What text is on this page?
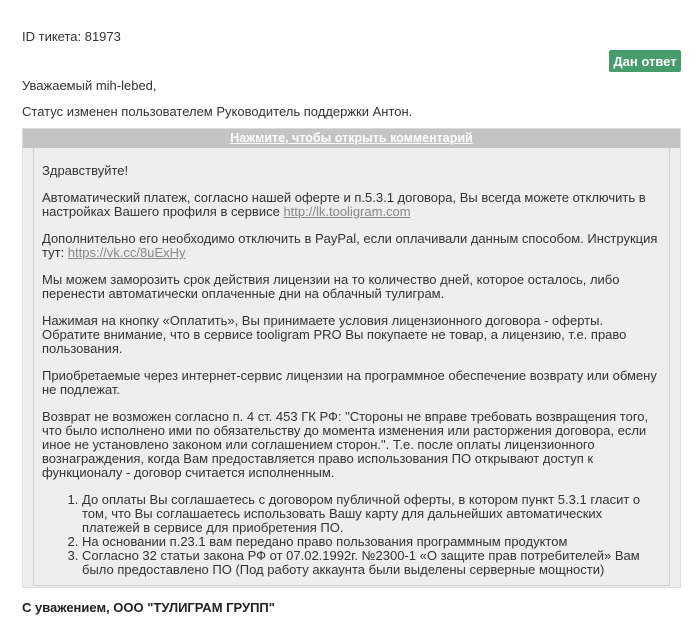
ID тикета: 81973
Дан ответ
Уважаемый mih-lebed,
Статус изменен пользователем Руководитель поддержки Антон.
Нажмите, чтобы открыть комментарий

Здравствуйте!

Автоматический платеж, согласно нашей оферте и п.5.3.1 договора, Вы всегда можете отключить в настройках Вашего профиля в сервисе http://lk.tooligram.com

Дополнительно его необходимо отключить в PayPal, если оплачивали данным способом. Инструкция тут: https://vk.cc/8uExHy

Мы можем заморозить срок действия лицензии на то количество дней, которое осталось, либо перенести автоматически оплаченные дни на облачный тулиграм.

Нажимая на кнопку «Оплатить», Вы принимаете условия лицензионного договора - оферты. Обратите внимание, что в сервисе tooligram PRO Вы покупаете не товар, а лицензию, т.е. право пользования.

Приобретаемые через интернет-сервис лицензии на программное обеспечение возврату или обмену не подлежат.

Возврат не возможен согласно п. 4 ст. 453 ГК РФ: "Стороны не вправе требовать возвращения того, что было исполнено ими по обязательству до момента изменения или расторжения договора, если иное не установлено законом или соглашением сторон.". Т.е. после оплаты лицензионного вознаграждения, когда Вам предоставляется право использования ПО открывают доступ к функционалу - договор считается исполненным.

1. До оплаты Вы соглашаетесь с договором публичной оферты, в котором пункт 5.3.1 гласит о том, что Вы соглашаетесь использовать Вашу карту для дальнейших автоматических платежей в сервисе для приобретения ПО.
2. На основании п.23.1 вам передано право пользования программным продуктом
3. Согласно 32 статьи закона РФ от 07.02.1992г. №2300-1 «О защите прав потребителей» Вам было предоставлено ПО (Под работу аккаунта были выделены серверные мощности)
С уважением, ООО "ТУЛИГРАМ ГРУПП"
